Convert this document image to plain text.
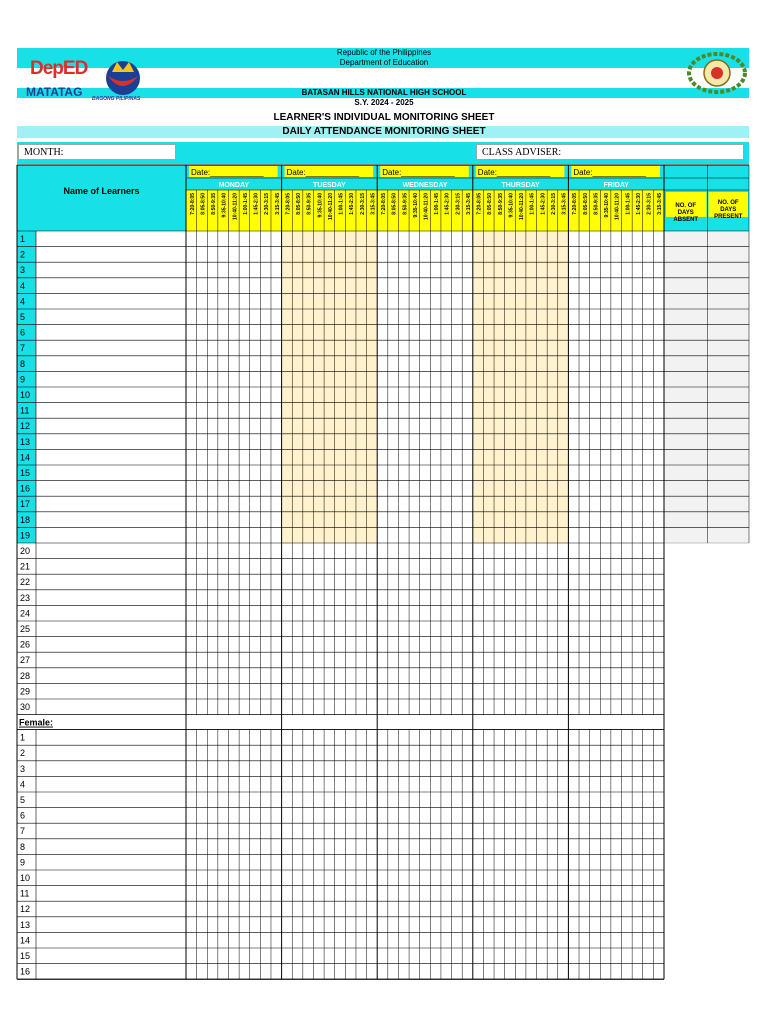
Republic of the Philippines
Department of Education
BATASAN HILLS NATIONAL HIGH SCHOOL
S.Y. 2024 - 2025
LEARNER'S INDIVIDUAL MONITORING SHEET
DAILY ATTENDANCE MONITORING SHEET
DepED
MATATAG BAGONG PILIPINAS
MONTH:	CLASS ADVISER:
Date:____________
MONDAY
7:20-8:05 8:05-8:50 8:50-9:35 9:35-10:40 10:40-11:20 1:00-1:45 1:45-2:30 2:30-3:15 3:15-3:45
Date:____________
TUESDAY
7:20-8:05 8:05-8:50 8:50-9:35 9:35-10:40 10:40-11:20 1:00-1:45 1:45-2:30 2:30-3:15 3:15-3:45
Date:____________
WEDNESDAY
7:20-8:05 8:05-8:50 8:50-9:35 9:35-10:40 10:40-11:20 1:00-1:45 1:45-2:30 2:30-3:15 3:15-3:45
Date:____________
THURSDAY
7:20-8:05 8:05-8:50 8:50-9:35 9:35-10:40 10:40-11:20 1:00-1:45 1:45-2:30 2:30-3:15 3:15-3:45
Date:____________
FRIDAY
7:20-8:05 8:05-8:50 8:50-9:35 9:35-10:40 10:40-11:20 1:00-1:45 1:45-2:30 2:30-3:15 3:15-3:45 NO. OF
DAYS
ABSENT
NO. OF
DAYS
PRESENT
Name of Learners
1
2
3
4
4
5
6
7
8
9
10
11
12
13
14
15
16
17
18
19
20
21
22
23
24
25
26
27
28
29
30
Female:
1
2
3
4
5
6
7
8
9
10
11
12
13
14
15
16
